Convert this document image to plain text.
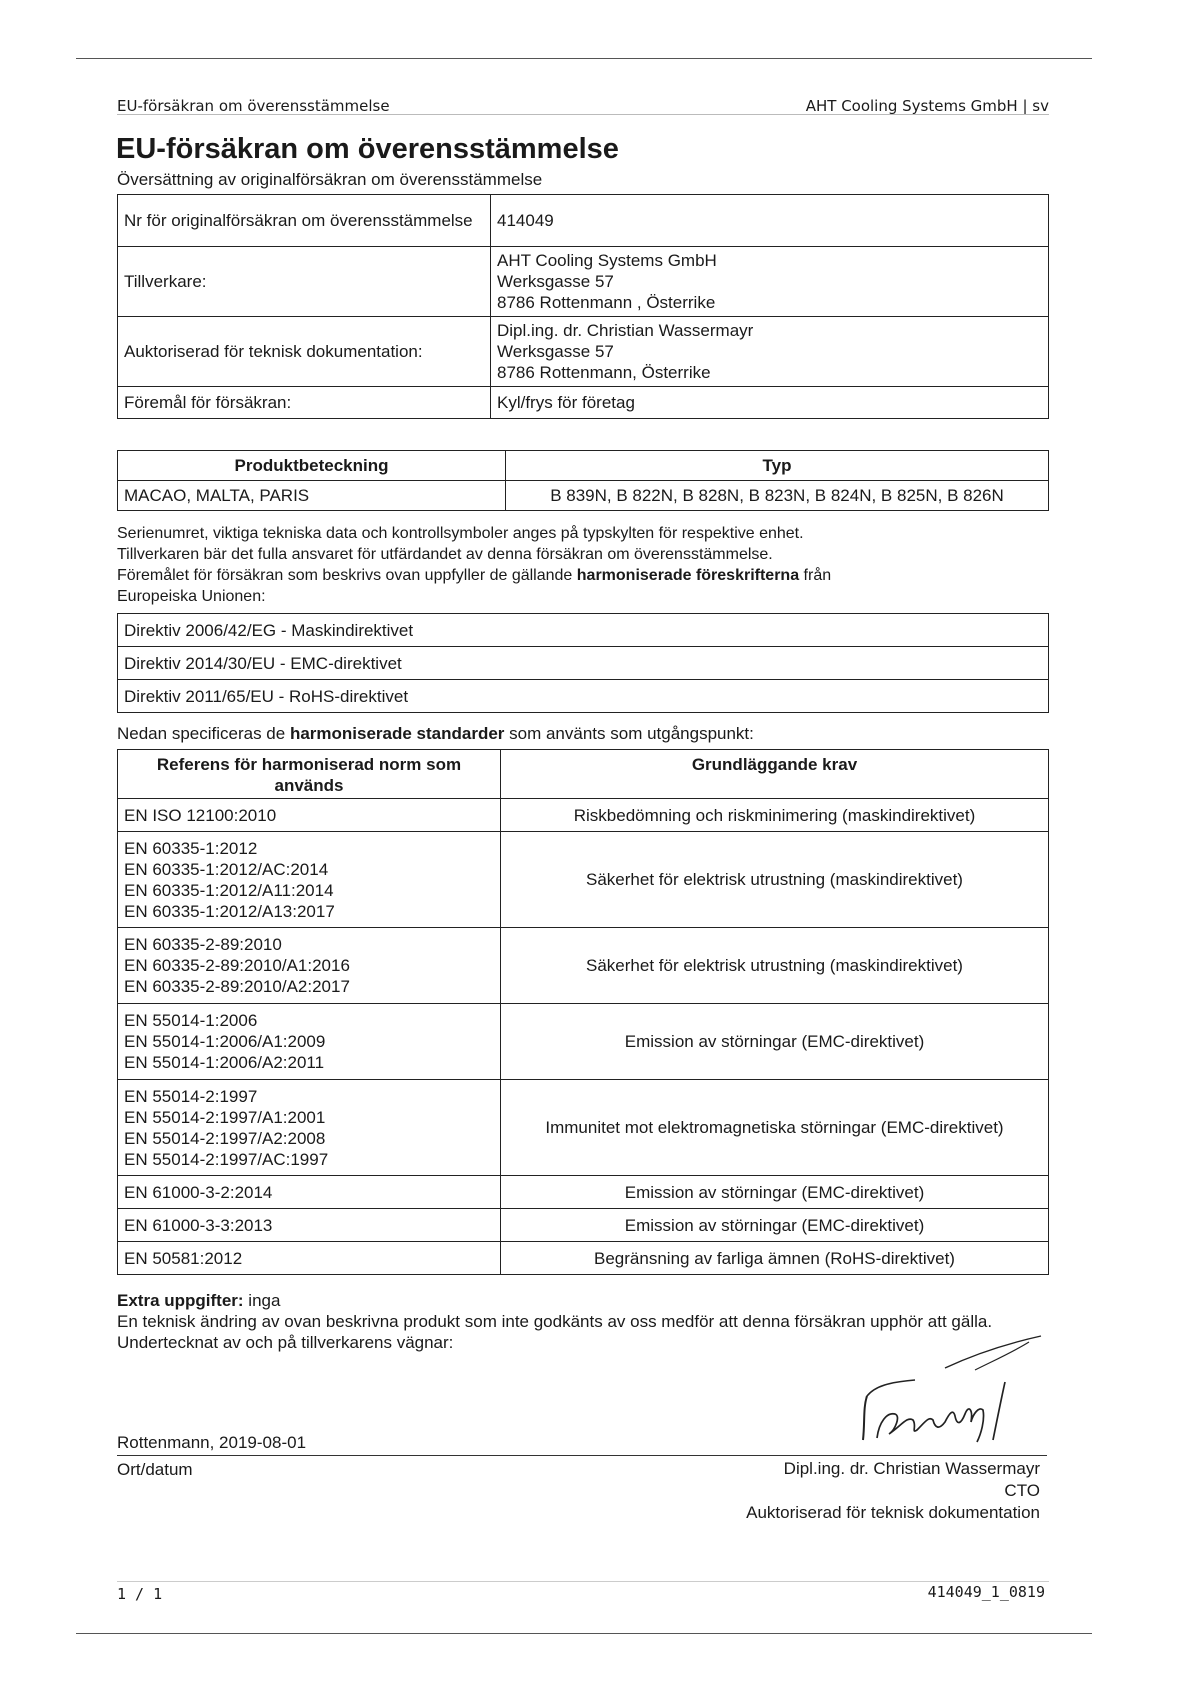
EU-försäkran om överensstämmelse	AHT Cooling Systems GmbH | sv
EU-försäkran om överensstämmelse
Översättning av originalförsäkran om överensstämmelse
Nr för originalförsäkran om överensstämmelse	414049

Tillverkare:	AHT Cooling Systems GmbH
Werksgasse 57
8786 Rottenmann , Österrike

Auktoriserad för teknisk dokumentation:	Dipl.ing. dr. Christian Wassermayr
Werksgasse 57
8786 Rottenmann, Österrike

Föremål för försäkran:	Kyl/frys för företag
Produktbeteckning	Typ
MACAO, MALTA, PARIS	B 839N, B 822N, B 828N, B 823N, B 824N, B 825N, B 826N
Serienumret, viktiga tekniska data och kontrollsymboler anges på typskylten för respektive enhet.
Tillverkaren bär det fulla ansvaret för utfärdandet av denna försäkran om överensstämmelse.
Föremålet för försäkran som beskrivs ovan uppfyller de gällande harmoniserade föreskrifterna från
Europeiska Unionen:
Direktiv 2006/42/EG - Maskindirektivet
Direktiv 2014/30/EU - EMC-direktivet
Direktiv 2011/65/EU - RoHS-direktivet
Nedan specificeras de harmoniserade standarder som använts som utgångspunkt:
Referens för harmoniserad norm som används	Grundläggande krav

EN ISO 12100:2010	Riskbedömning och riskminimering (maskindirektivet)

EN 60335-1:2012
EN 60335-1:2012/AC:2014
EN 60335-1:2012/A11:2014
EN 60335-1:2012/A13:2017	Säkerhet för elektrisk utrustning (maskindirektivet)

EN 60335-2-89:2010
EN 60335-2-89:2010/A1:2016
EN 60335-2-89:2010/A2:2017	Säkerhet för elektrisk utrustning (maskindirektivet)

EN 55014-1:2006
EN 55014-1:2006/A1:2009
EN 55014-1:2006/A2:2011	Emission av störningar (EMC-direktivet)

EN 55014-2:1997
EN 55014-2:1997/A1:2001
EN 55014-2:1997/A2:2008
EN 55014-2:1997/AC:1997	Immunitet mot elektromagnetiska störningar (EMC-direktivet)

EN 61000-3-2:2014	Emission av störningar (EMC-direktivet)

EN 61000-3-3:2013	Emission av störningar (EMC-direktivet)

EN 50581:2012	Begränsning av farliga ämnen (RoHS-direktivet)
Extra uppgifter: inga
En teknisk ändring av ovan beskrivna produkt som inte godkänts av oss medför att denna försäkran upphör att gälla.
Undertecknat av och på tillverkarens vägnar:
Rottenmann, 2019-08-01
Ort/datum	Dipl.ing. dr. Christian Wassermayr
CTO
Auktoriserad för teknisk dokumentation
1 / 1	414049_1_0819
